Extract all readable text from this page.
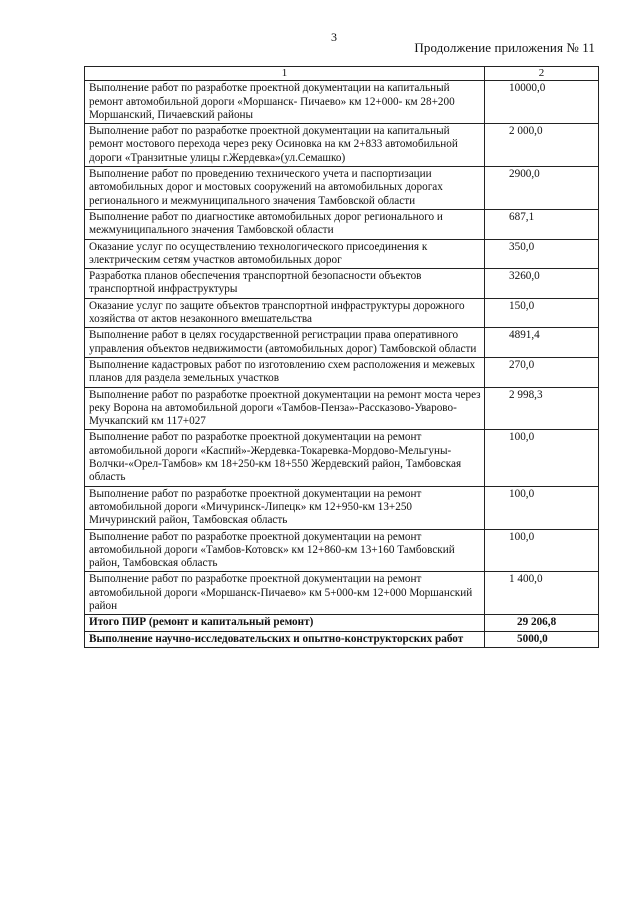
3
Продолжение приложения № 11
1	2
Выполнение работ по разработке проектной документации на капитальный ремонт автомобильной дороги «Моршанск- Пичаево» км 12+000- км 28+200 Моршанский, Пичаевский районы	10000,0

Выполнение работ по разработке проектной документации на капитальный ремонт мостового перехода через реку Осиновка на км 2+833 автомобильной дороги «Транзитные улицы г.Жердевка»(ул.Семашко)	2 000,0

Выполнение работ по проведению технического учета и паспортизации автомобильных дорог и мостовых сооружений на автомобильных дорогах регионального и межмуниципального значения Тамбовской области	2900,0

Выполнение работ по диагностике автомобильных дорог регионального и межмуниципального значения Тамбовской области	687,1

Оказание услуг по осуществлению технологического присоединения к электрическим сетям участков автомобильных дорог	350,0

Разработка планов обеспечения транспортной безопасности объектов транспортной инфраструктуры	3260,0

Оказание услуг по защите объектов транспортной инфраструктуры дорожного хозяйства от актов незаконного вмешательства	150,0

Выполнение работ в целях государственной регистрации права оперативного управления объектов недвижимости (автомобильных дорог) Тамбовской области	4891,4

Выполнение кадастровых работ по изготовлению схем расположения и межевых планов для раздела земельных участков	270,0

Выполнение работ по разработке проектной документации на ремонт моста через реку Ворона на автомобильной дороги «Тамбов-Пенза»-Рассказово-Уварово-Мучкапский км 117+027	2 998,3

Выполнение работ по разработке проектной документации на ремонт автомобильной дороги «Каспий»-Жердевка-Токаревка-Мордово-Мельгуны-Волчки-«Орел-Тамбов» км 18+250-км 18+550 Жердевский район, Тамбовская область	100,0

Выполнение работ по разработке проектной документации на ремонт автомобильной дороги «Мичуринск-Липецк» км 12+950-км 13+250 Мичуринский район, Тамбовская область	100,0

Выполнение работ по разработке проектной документации на ремонт автомобильной дороги «Тамбов-Котовск» км 12+860-км 13+160 Тамбовский район, Тамбовская область	100,0

Выполнение работ по разработке проектной документации на ремонт автомобильной дороги «Моршанск-Пичаево» км 5+000-км 12+000 Моршанский район	1 400,0

Итого ПИР (ремонт и капитальный ремонт)	29 206,8

Выполнение научно-исследовательских и опытно-конструкторских работ	5000,0
